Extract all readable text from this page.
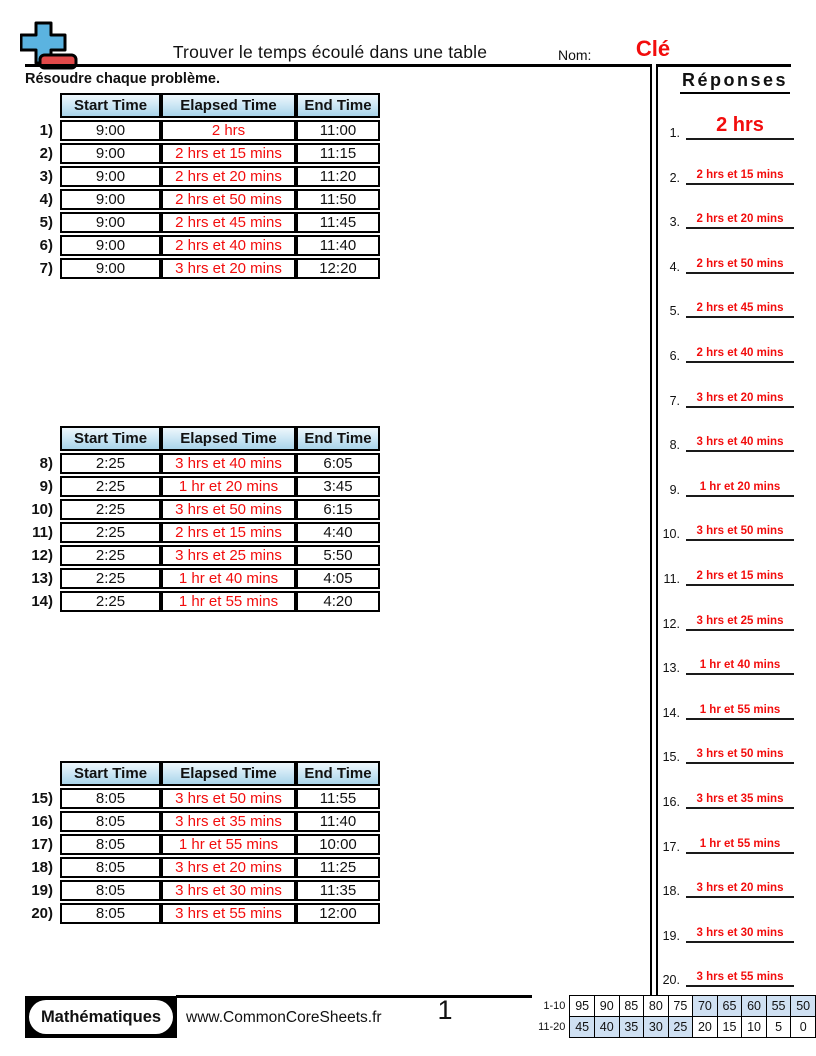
Trouver le temps écoulé dans une table	Nom:	Clé
Résoudre chaque problème.
	Start Time	Elapsed Time	End Time
1)	9:00	2 hrs	11:00
2)	9:00	2 hrs et 15 mins	11:15
3)	9:00	2 hrs et 20 mins	11:20
4)	9:00	2 hrs et 50 mins	11:50
5)	9:00	2 hrs et 45 mins	11:45
6)	9:00	2 hrs et 40 mins	11:40
7)	9:00	3 hrs et 20 mins	12:20
	Start Time	Elapsed Time	End Time
8)	2:25	3 hrs et 40 mins	6:05
9)	2:25	1 hr et 20 mins	3:45
10)	2:25	3 hrs et 50 mins	6:15
11)	2:25	2 hrs et 15 mins	4:40
12)	2:25	3 hrs et 25 mins	5:50
13)	2:25	1 hr et 40 mins	4:05
14)	2:25	1 hr et 55 mins	4:20
	Start Time	Elapsed Time	End Time
15)	8:05	3 hrs et 50 mins	11:55
16)	8:05	3 hrs et 35 mins	11:40
17)	8:05	1 hr et 55 mins	10:00
18)	8:05	3 hrs et 20 mins	11:25
19)	8:05	3 hrs et 30 mins	11:35
20)	8:05	3 hrs et 55 mins	12:00
Réponses
1.	2 hrs
2.	2 hrs et 15 mins
3.	2 hrs et 20 mins
4.	2 hrs et 50 mins
5.	2 hrs et 45 mins
6.	2 hrs et 40 mins
7.	3 hrs et 20 mins
8.	3 hrs et 40 mins
9.	1 hr et 20 mins
10.	3 hrs et 50 mins
11.	2 hrs et 15 mins
12.	3 hrs et 25 mins
13.	1 hr et 40 mins
14.	1 hr et 55 mins
15.	3 hrs et 50 mins
16.	3 hrs et 35 mins
17.	1 hr et 55 mins
18.	3 hrs et 20 mins
19.	3 hrs et 30 mins
20.	3 hrs et 55 mins
Mathématiques	www.CommonCoreSheets.fr	1	1-10	95	90	85	80	75	70	65	60	55	50
11-20	45	40	35	30	25	20	15	10	5	0
